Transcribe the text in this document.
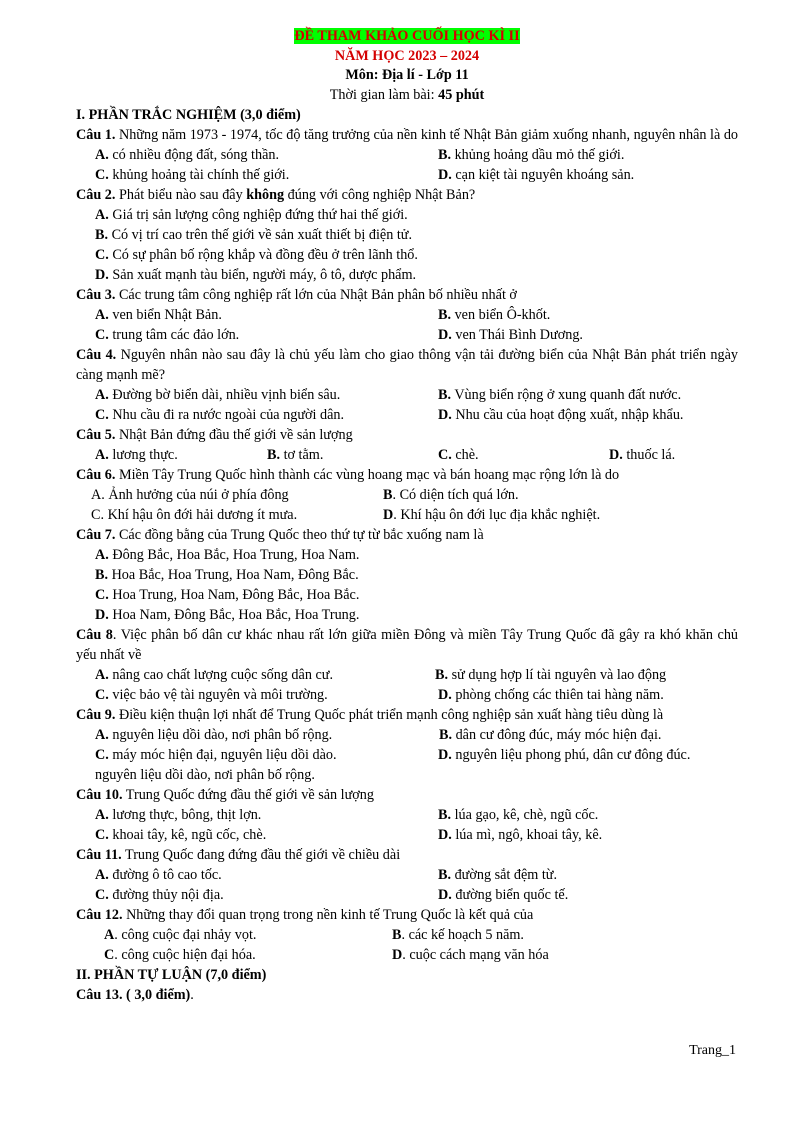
ĐỀ THAM KHẢO CUỐI HỌC KÌ II
NĂM HỌC 2023 – 2024
Môn: Địa lí - Lớp 11
Thời gian làm bài: 45 phút
I. PHẦN TRẮC NGHIỆM (3,0 điểm)
Câu 1. Những năm 1973 - 1974, tốc độ tăng trưởng của nền kinh tế Nhật Bản giảm xuống nhanh, nguyên nhân là do
A. có nhiều động đất, sóng thần.	B. khủng hoảng dầu mỏ thế giới.
C. khủng hoảng tài chính thế giới.	D. cạn kiệt tài nguyên khoáng sản.
Câu 2. Phát biểu nào sau đây không đúng với công nghiệp Nhật Bản?
A. Giá trị sản lượng công nghiệp đứng thứ hai thế giới.
B. Có vị trí cao trên thế giới về sản xuất thiết bị điện tử.
C. Có sự phân bố rộng khắp và đồng đều ở trên lãnh thổ.
D. Sản xuất mạnh tàu biển, người máy, ô tô, dược phẩm.
Câu 3. Các trung tâm công nghiệp rất lớn của Nhật Bản phân bố nhiều nhất ở
A. ven biển Nhật Bản.	B. ven biển Ô-khốt.
C. trung tâm các đảo lớn.	D. ven Thái Bình Dương.
Câu 4. Nguyên nhân nào sau đây là chủ yếu làm cho giao thông vận tải đường biển của Nhật Bản phát triển ngày càng mạnh mẽ?
A. Đường bờ biển dài, nhiều vịnh biển sâu.	B. Vùng biển rộng ở xung quanh đất nước.
C. Nhu cầu đi ra nước ngoài của người dân.	D. Nhu cầu của hoạt động xuất, nhập khẩu.
Câu 5. Nhật Bản đứng đầu thế giới về sản lượng
A. lương thực.	B. tơ tằm.	C. chè.	D. thuốc lá.
Câu 6. Miền Tây Trung Quốc hình thành các vùng hoang mạc và bán hoang mạc rộng lớn là do
A. Ảnh hưởng của núi ở phía đông	B. Có diện tích quá lớn.
C. Khí hậu ôn đới hải dương ít mưa.	D. Khí hậu ôn đới lục địa khắc nghiệt.
Câu 7. Các đồng bằng của Trung Quốc theo thứ tự từ bắc xuống nam là
A. Đông Bắc, Hoa Bắc, Hoa Trung, Hoa Nam.
B. Hoa Bắc, Hoa Trung, Hoa Nam, Đông Bắc.
C. Hoa Trung, Hoa Nam, Đông Bắc, Hoa Bắc.
D. Hoa Nam, Đông Bắc, Hoa Bắc, Hoa Trung.
Câu 8. Việc phân bố dân cư khác nhau rất lớn giữa miền Đông và miền Tây Trung Quốc đã gây ra khó khăn chủ yếu nhất về
A. nâng cao chất lượng cuộc sống dân cư.	B. sử dụng hợp lí tài nguyên và lao động
C. việc bảo vệ tài nguyên và môi trường.	D. phòng chống các thiên tai hàng năm.
Câu 9. Điều kiện thuận lợi nhất để Trung Quốc phát triển mạnh công nghiệp sản xuất hàng tiêu dùng là
A. nguyên liệu dồi dào, nơi phân bố rộng.	B. dân cư đông đúc, máy móc hiện đại.
C. máy móc hiện đại, nguyên liệu dồi dào.	D. nguyên liệu phong phú, dân cư đông đúc.
nguyên liệu dồi dào, nơi phân bố rộng.
Câu 10. Trung Quốc đứng đầu thế giới về sản lượng
A. lương thực, bông, thịt lợn.	B. lúa gạo, kê, chè, ngũ cốc.
C. khoai tây, kê, ngũ cốc, chè.	D. lúa mì, ngô, khoai tây, kê.
Câu 11. Trung Quốc đang đứng đầu thế giới về chiều dài
A. đường ô tô cao tốc.	B. đường sắt đệm từ.
C. đường thủy nội địa.	D. đường biển quốc tế.
Câu 12. Những thay đổi quan trọng trong nền kinh tế Trung Quốc là kết quả của
A. công cuộc đại nhảy vọt.	B. các kế hoạch 5 năm.
C. công cuộc hiện đại hóa.	D. cuộc cách mạng văn hóa
II. PHẦN TỰ LUẬN (7,0 điểm)
Câu 13. ( 3,0 điểm).
Trang_1
